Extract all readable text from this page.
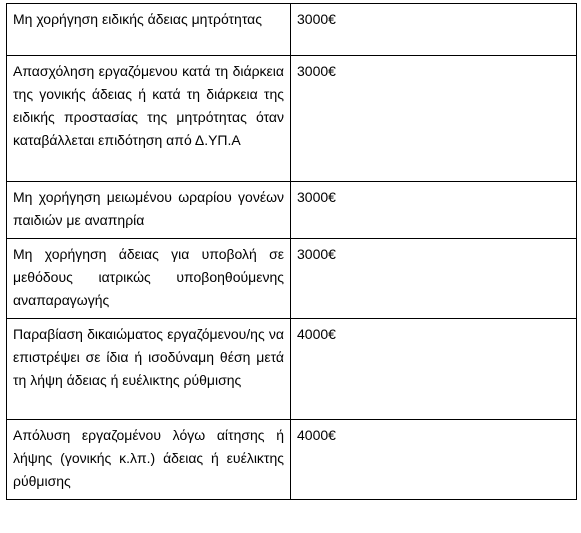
Μη χορήγηση ειδικής άδειας μητρότητας	3000€
Απασχόληση εργαζόμενου κατά τη διάρκεια της γονικής άδειας ή κατά τη διάρκεια της ειδικής προστασίας της μητρότητας όταν καταβάλλεται επιδότηση από Δ.ΥΠ.Α	3000€
Μη χορήγηση μειωμένου ωραρίου γονέων παιδιών με αναπηρία	3000€
Μη χορήγηση άδειας για υποβολή σε μεθόδους ιατρικώς υποβοηθούμενης αναπαραγωγής	3000€
Παραβίαση δικαιώματος εργαζόμενου/ης να επιστρέψει σε ίδια ή ισοδύναμη θέση μετά τη λήψη άδειας ή ευέλικτης ρύθμισης	4000€
Απόλυση εργαζομένου λόγω αίτησης ή λήψης (γονικής κ.λπ.) άδειας ή ευέλικτης ρύθμισης	4000€
